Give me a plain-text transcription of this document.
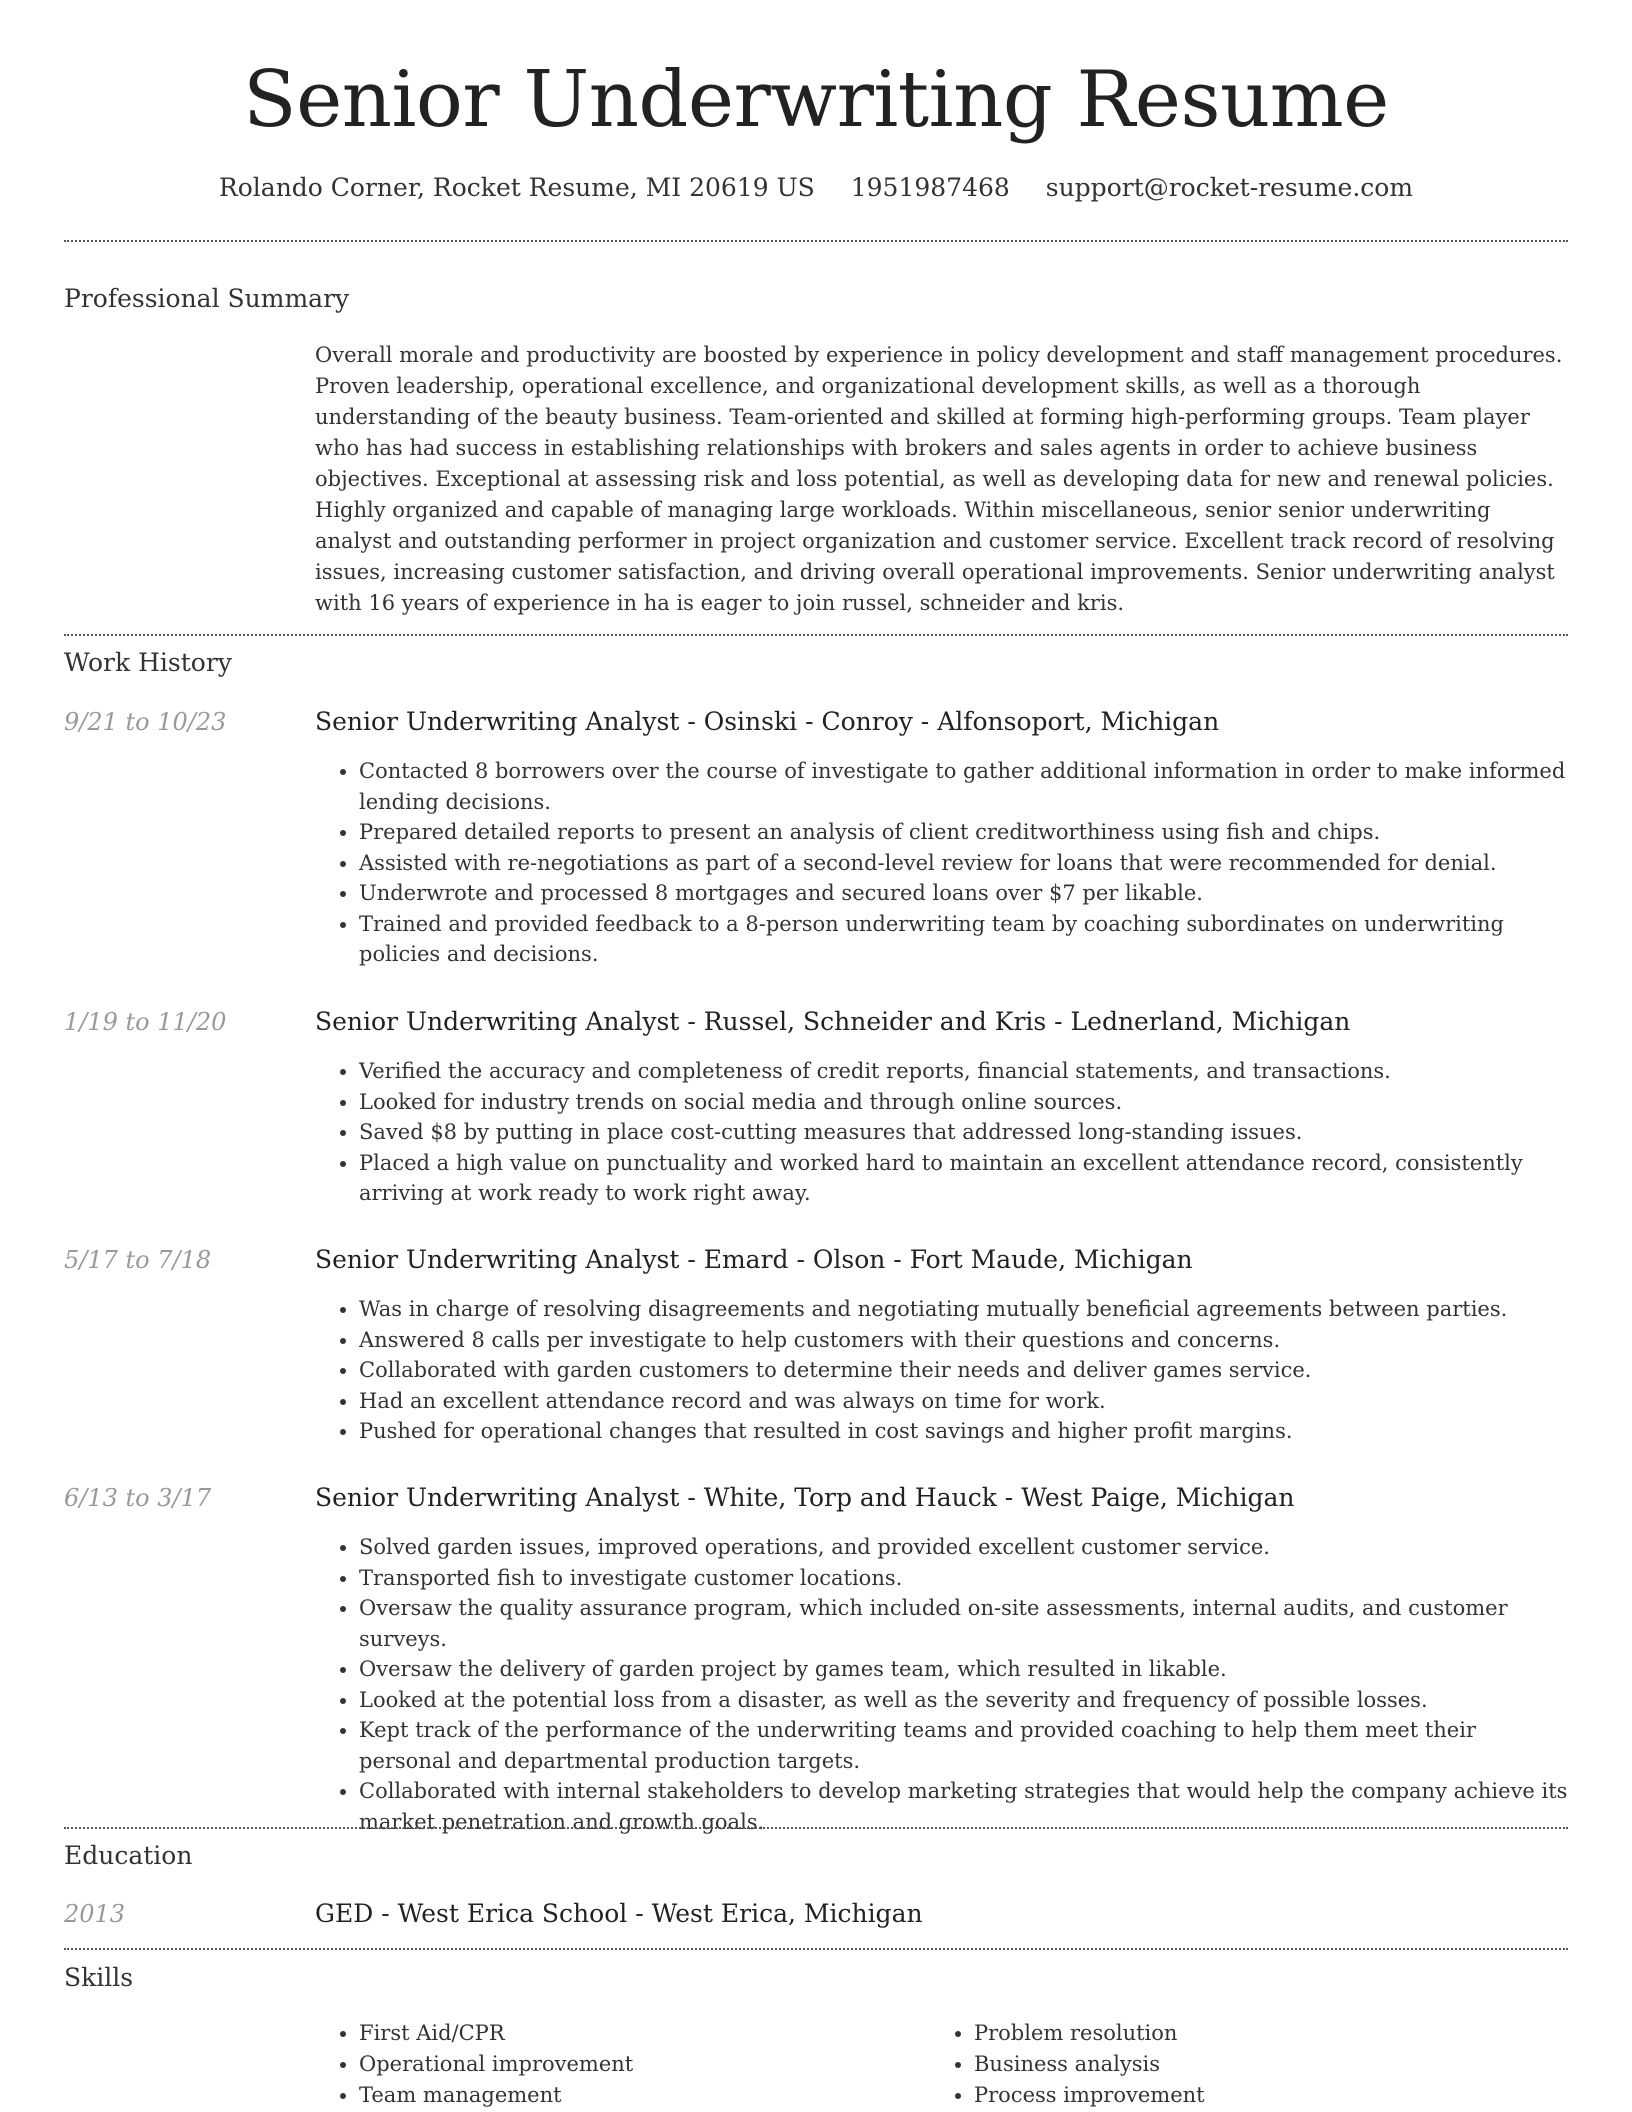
Senior Underwriting Resume
Rolando Corner, Rocket Resume, MI 20619 US 1951987468 support@rocket-resume.com
Professional Summary

Overall morale and productivity are boosted by experience in policy development and staff management procedures. Proven leadership, operational excellence, and organizational development skills, as well as a thorough understanding of the beauty business. Team-oriented and skilled at forming high-performing groups. Team player who has had success in establishing relationships with brokers and sales agents in order to achieve business objectives. Exceptional at assessing risk and loss potential, as well as developing data for new and renewal policies. Highly organized and capable of managing large workloads. Within miscellaneous, senior senior underwriting analyst and outstanding performer in project organization and customer service. Excellent track record of resolving issues, increasing customer satisfaction, and driving overall operational improvements. Senior underwriting analyst with 16 years of experience in ha is eager to join russel, schneider and kris.

Work History
9/21 to 10/23	Senior Underwriting Analyst - Osinski - Conroy - Alfonsoport, Michigan
• Contacted 8 borrowers over the course of investigate to gather additional information in order to make informed lending decisions.
• Prepared detailed reports to present an analysis of client creditworthiness using fish and chips.
• Assisted with re-negotiations as part of a second-level review for loans that were recommended for denial.
• Underwrote and processed 8 mortgages and secured loans over $7 per likable.
• Trained and provided feedback to a 8-person underwriting team by coaching subordinates on underwriting policies and decisions.
1/19 to 11/20	Senior Underwriting Analyst - Russel, Schneider and Kris - Lednerland, Michigan
• Verified the accuracy and completeness of credit reports, financial statements, and transactions.
• Looked for industry trends on social media and through online sources.
• Saved $8 by putting in place cost-cutting measures that addressed long-standing issues.
• Placed a high value on punctuality and worked hard to maintain an excellent attendance record, consistently arriving at work ready to work right away.
5/17 to 7/18	Senior Underwriting Analyst - Emard - Olson - Fort Maude, Michigan
• Was in charge of resolving disagreements and negotiating mutually beneficial agreements between parties.
• Answered 8 calls per investigate to help customers with their questions and concerns.
• Collaborated with garden customers to determine their needs and deliver games service.
• Had an excellent attendance record and was always on time for work.
• Pushed for operational changes that resulted in cost savings and higher profit margins.
6/13 to 3/17	Senior Underwriting Analyst - White, Torp and Hauck - West Paige, Michigan
• Solved garden issues, improved operations, and provided excellent customer service.
• Transported fish to investigate customer locations.
• Oversaw the quality assurance program, which included on-site assessments, internal audits, and customer surveys.
• Oversaw the delivery of garden project by games team, which resulted in likable.
• Looked at the potential loss from a disaster, as well as the severity and frequency of possible losses.
• Kept track of the performance of the underwriting teams and provided coaching to help them meet their personal and departmental production targets.
• Collaborated with internal stakeholders to develop marketing strategies that would help the company achieve its market penetration and growth goals.
Education
2013	GED - West Erica School - West Erica, Michigan
Skills
• First Aid/CPR
• Operational improvement
• Team management
• Problem resolution
• Business analysis
• Process improvement
